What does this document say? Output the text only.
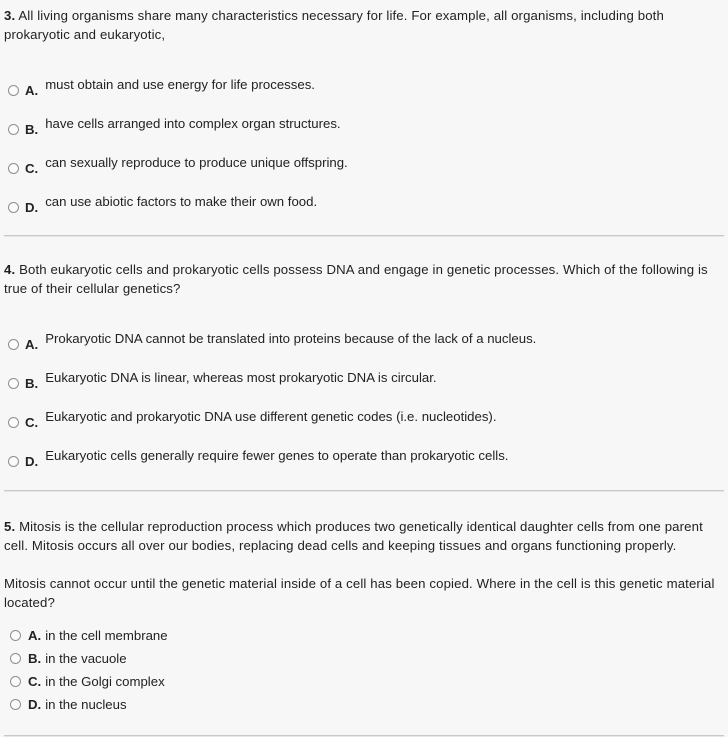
3. All living organisms share many characteristics necessary for life. For example, all organisms, including both prokaryotic and eukaryotic,
A. must obtain and use energy for life processes.
B. have cells arranged into complex organ structures.
C. can sexually reproduce to produce unique offspring.
D. can use abiotic factors to make their own food.
4. Both eukaryotic cells and prokaryotic cells possess DNA and engage in genetic processes. Which of the following is true of their cellular genetics?
A. Prokaryotic DNA cannot be translated into proteins because of the lack of a nucleus.
B. Eukaryotic DNA is linear, whereas most prokaryotic DNA is circular.
C. Eukaryotic and prokaryotic DNA use different genetic codes (i.e. nucleotides).
D. Eukaryotic cells generally require fewer genes to operate than prokaryotic cells.
5. Mitosis is the cellular reproduction process which produces two genetically identical daughter cells from one parent cell. Mitosis occurs all over our bodies, replacing dead cells and keeping tissues and organs functioning properly.
Mitosis cannot occur until the genetic material inside of a cell has been copied. Where in the cell is this genetic material located?
A. in the cell membrane
B. in the vacuole
C. in the Golgi complex
D. in the nucleus
